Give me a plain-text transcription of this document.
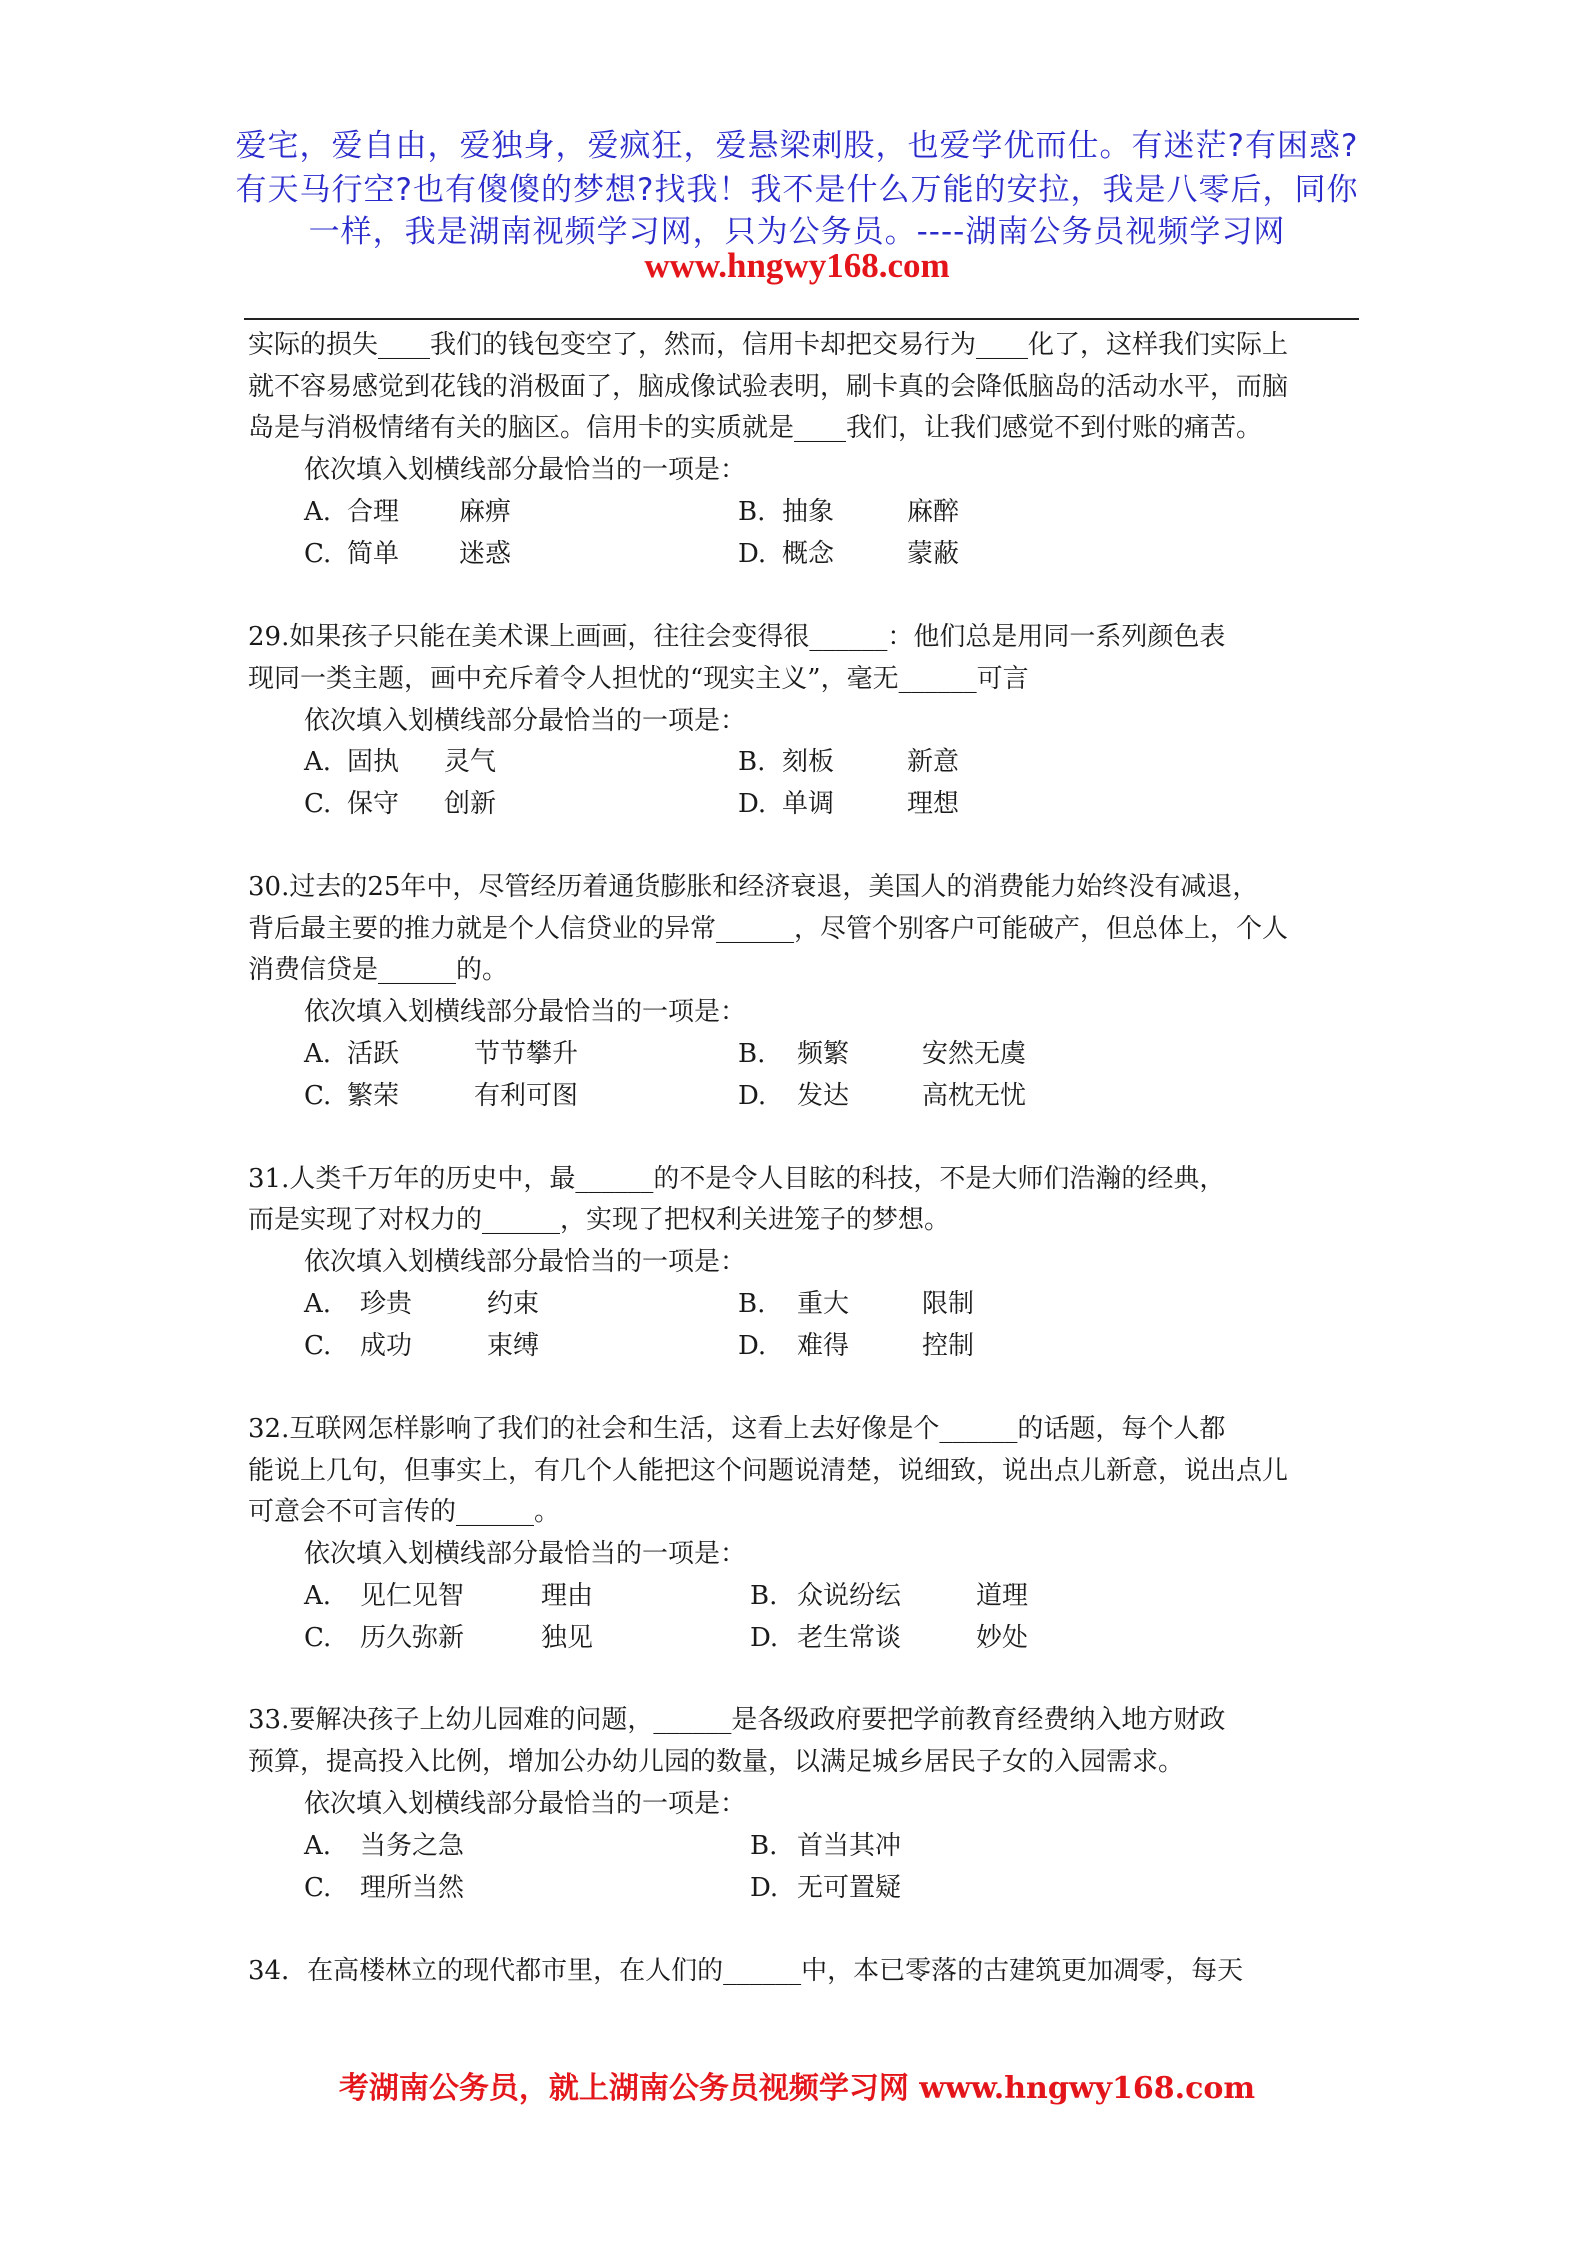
爱宅，爱自由，爱独身，爱疯狂，爱悬梁刺股，也爱学优而仕。有迷茫?有困惑?
有天马行空?也有傻傻的梦想?找我！我不是什么万能的安拉，我是八零后，同你
一样，我是湖南视频学习网，只为公务员。----湖南公务员视频学习网
www.hngwy168.com
实际的损失____我们的钱包变空了，然而，信用卡却把交易行为____化了，这样我们实际上
就不容易感觉到花钱的消极面了，脑成像试验表明，刷卡真的会降低脑岛的活动水平，而脑
岛是与消极情绪有关的脑区。信用卡的实质就是____我们，让我们感觉不到付账的痛苦。
依次填入划横线部分最恰当的一项是：
A. 合理 麻痹	B. 抽象	麻醉
C. 简单 迷惑	D. 概念	蒙蔽
29.如果孩子只能在美术课上画画，往往会变得很______：他们总是用同一系列颜色表
现同一类主题，画中充斥着令人担忧的“现实主义”，毫无______可言
依次填入划横线部分最恰当的一项是：
A. 固执 灵气	B. 刻板	新意
C. 保守 创新	D. 单调	理想
30.过去的25年中，尽管经历着通货膨胀和经济衰退，美国人的消费能力始终没有减退，
背后最主要的推力就是个人信贷业的异常______，尽管个别客户可能破产，但总体上，个人
消费信贷是______的。
依次填入划横线部分最恰当的一项是：
A. 活跃	节节攀升	B. 频繁	安然无虞
C. 繁荣	有利可图	D. 发达	高枕无忧
31.人类千万年的历史中，最______的不是令人目眩的科技，不是大师们浩瀚的经典，
而是实现了对权力的______，实现了把权利关进笼子的梦想。
依次填入划横线部分最恰当的一项是：
A. 珍贵	约束	B. 重大	限制
C. 成功	束缚	D. 难得	控制
32.互联网怎样影响了我们的社会和生活，这看上去好像是个______的话题，每个人都
能说上几句，但事实上，有几个人能把这个问题说清楚，说细致，说出点儿新意，说出点儿
可意会不可言传的______。
依次填入划横线部分最恰当的一项是：
A. 见仁见智	理由	B. 众说纷纭	道理
C. 历久弥新	独见	D. 老生常谈	妙处
33.要解决孩子上幼儿园难的问题，______是各级政府要把学前教育经费纳入地方财政
预算，提高投入比例，增加公办幼儿园的数量，以满足城乡居民子女的入园需求。
依次填入划横线部分最恰当的一项是：
A. 当务之急	B. 首当其冲
C. 理所当然	D. 无可置疑
34．在高楼林立的现代都市里，在人们的______中，本已零落的古建筑更加凋零，每天
考湖南公务员，就上湖南公务员视频学习网 www.hngwy168.com
